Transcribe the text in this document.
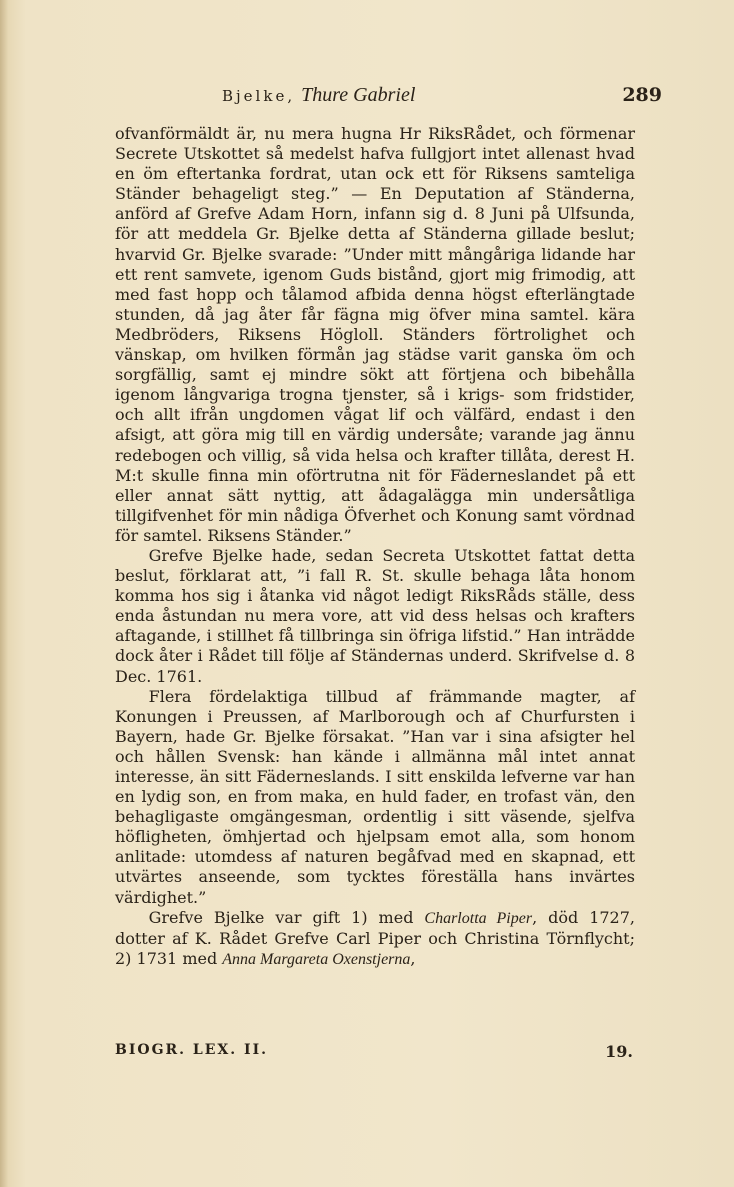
Bjelke, Thure Gabriel	289

ofvanförmäldt är, nu mera hugna Hr RiksRådet, och förmenar Secrete Utskottet så medelst hafva fullgjort intet allenast hvad en öm eftertanka fordrat, utan ock ett för Riksens samteliga Ständer behageligt steg.” — En Deputation af Ständerna, anförd af Grefve Adam Horn, infann sig d. 8 Juni på Ulfsunda, för att meddela Gr. Bjelke detta af Ständerna gillade beslut; hvarvid Gr. Bjelke svarade: ”Under mitt mångåriga lidande har ett rent samvete, igenom Guds bistånd, gjort mig frimodig, att med fast hopp och tålamod afbida denna högst efterlängtade stunden, då jag åter får fägna mig öfver mina samtel. kära Medbröders, Riksens Högloll. Ständers förtrolighet och vänskap, om hvilken förmån jag städse varit ganska öm och sorgfällig, samt ej mindre sökt att förtjena och bibehålla igenom långvariga trogna tjenster, så i krigs- som fridstider, och allt ifrån ungdomen vågat lif och välfärd, endast i den afsigt, att göra mig till en värdig undersåte; varande jag ännu redebogen och villig, så vida helsa och krafter tillåta, derest H. M:t skulle finna min oförtrutna nit för Fäderneslandet på ett eller annat sätt nyttig, att ådagalägga min undersåtliga tillgifvenhet för min nådiga Öfverhet och Konung samt vördnad för samtel. Riksens Ständer.”

Grefve Bjelke hade, sedan Secreta Utskottet fattat detta beslut, förklarat att, ”i fall R. St. skulle behaga låta honom komma hos sig i åtanka vid något ledigt RiksRåds ställe, dess enda åstundan nu mera vore, att vid dess helsas och krafters aftagande, i stillhet få tillbringa sin öfriga lifstid.” Han inträdde dock åter i Rådet till följe af Ständernas underd. Skrifvelse d. 8 Dec. 1761.

Flera fördelaktiga tillbud af främmande magter, af Konungen i Preussen, af Marlborough och af Churfursten i Bayern, hade Gr. Bjelke försakat. ”Han var i sina afsigter hel och hållen Svensk: han kände i allmänna mål intet annat interesse, än sitt Fäderneslands. I sitt enskilda lefverne var han en lydig son, en from maka, en huld fader, en trofast vän, den behagligaste omgängesman, ordentlig i sitt väsende, sjelfva höfligheten, ömhjertad och hjelpsam emot alla, som honom anlitade: utomdess af naturen begåfvad med en skapnad, ett utvärtes anseende, som tycktes föreställa hans invärtes värdighet.”

Grefve Bjelke var gift 1) med Charlotta Piper, död 1727, dotter af K. Rådet Grefve Carl Piper och Christina Törnflycht; 2) 1731 med Anna Margareta Oxenstjerna,

BIOGR. LEX. II.	19.
